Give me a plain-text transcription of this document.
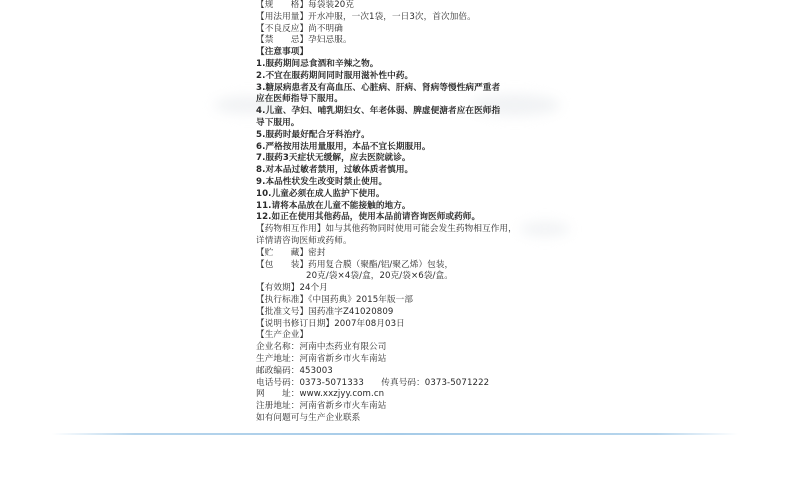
【规　　格】每袋装20克
【用法用量】开水冲服，一次1袋，一日3次，首次加倍。
【不良反应】尚不明确
【禁　　忌】孕妇忌服。
【注意事项】
1.服药期间忌食酒和辛辣之物。
2.不宜在服药期间同时服用滋补性中药。
3.糖尿病患者及有高血压、心脏病、肝病、肾病等慢性病严重者
应在医师指导下服用。
4.儿童、孕妇、哺乳期妇女、年老体弱、脾虚便溏者应在医师指
导下服用。
5.服药时最好配合牙科治疗。
6.严格按用法用量服用，本品不宜长期服用。
7.服药3天症状无缓解，应去医院就诊。
8.对本品过敏者禁用，过敏体质者慎用。
9.本品性状发生改变时禁止使用。
10.儿童必须在成人监护下使用。
11.请将本品放在儿童不能接触的地方。
12.如正在使用其他药品，使用本品前请咨询医师或药师。
【药物相互作用】如与其他药物同时使用可能会发生药物相互作用，
详情请咨询医师或药师。
【贮　　藏】密封
【包　　装】药用复合膜（聚酯/铝/聚乙烯）包装，
20克/袋×4袋/盒，20克/袋×6袋/盒。
【有效期】24个月
【执行标准】《中国药典》2015年版一部
【批准文号】国药准字Z41020809
【说明书修订日期】2007年08月03日
【生产企业】
企业名称：河南中杰药业有限公司
生产地址：河南省新乡市火车南站
邮政编码：453003
电话号码：0373-5071333　　传真号码：0373-5071222
网　　址：www.xxzjyy.com.cn
注册地址：河南省新乡市火车南站
如有问题可与生产企业联系
